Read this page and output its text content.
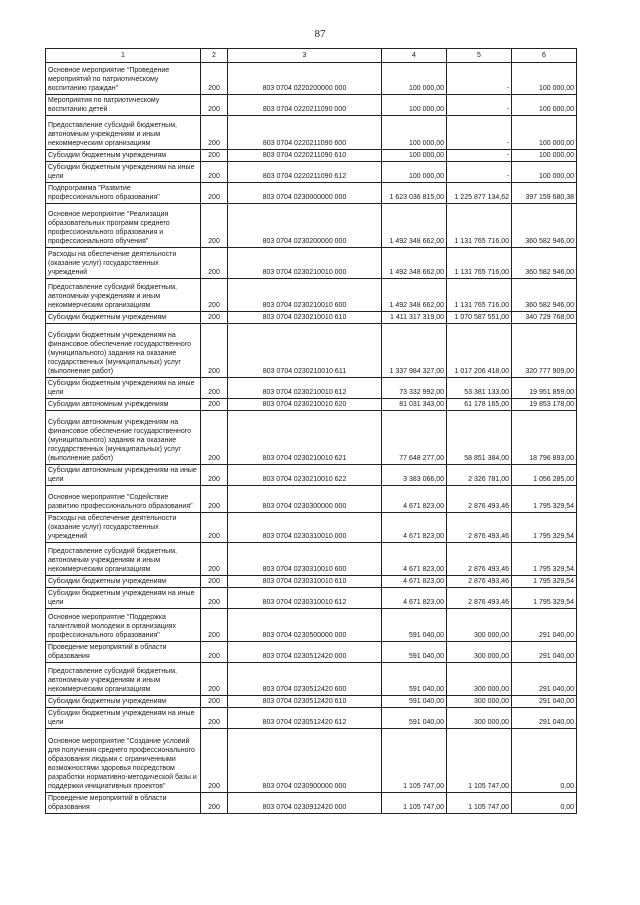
87
1	2	3	4	5	6
Основное мероприятие "Проведение мероприятий по патриотическому воспитанию граждан"	200	803 0704 0220200000 000	100 000,00	-	100 000,00
Мероприятия по патриотическому воспитанию детей	200	803 0704 0220211090 000	100 000,00	-	100 000,00
Предоставление субсидий бюджетным, автономным учреждениям и иным некоммерческим организациям	200	803 0704 0220211090 600	100 000,00	-	100 000,00
Субсидии бюджетным учреждениям	200	803 0704 0220211090 610	100 000,00	-	100 000,00
Субсидии бюджетным учреждениям на иные цели	200	803 0704 0220211090 612	100 000,00	-	100 000,00
Подпрограмма "Развитие профессионального образования"	200	803 0704 0230000000 000	1 623 036 815,00	1 225 877 134,62	397 159 680,38
Основное мероприятие "Реализация образовательных программ среднего профессионального образования и профессионального обучения"	200	803 0704 0230200000 000	1 492 348 662,00	1 131 765 716,00	360 582 946,00
Расходы на обеспечение деятельности (оказание услуг) государственных учреждений	200	803 0704 0230210010 000	1 492 348 662,00	1 131 765 716,00	360 582 946,00
Предоставление субсидий бюджетным, автономным учреждениям и иным некоммерческим организациям	200	803 0704 0230210010 600	1 492 348 662,00	1 131 765 716,00	360 582 946,00
Субсидии бюджетным учреждениям	200	803 0704 0230210010 610	1 411 317 319,00	1 070 587 551,00	340 729 768,00
Субсидии бюджетным учреждениям на финансовое обеспечение государственного (муниципального) задания на оказание государственных (муниципальных) услуг (выполнение работ)	200	803 0704 0230210010 611	1 337 984 327,00	1 017 206 418,00	320 777 909,00
Субсидии бюджетным учреждениям на иные цели	200	803 0704 0230210010 612	73 332 992,00	53 381 133,00	19 951 859,00
Субсидии автономным учреждениям	200	803 0704 0230210010 620	81 031 343,00	61 178 165,00	19 853 178,00
Субсидии автономным учреждениям на финансовое обеспечение государственного (муниципального) задания на оказание государственных (муниципальных) услуг (выполнение работ)	200	803 0704 0230210010 621	77 648 277,00	58 851 384,00	18 796 893,00
Субсидии автономным учреждениям на иные цели	200	803 0704 0230210010 622	3 383 066,00	2 326 781,00	1 056 285,00
Основное мероприятие "Содействие развитию профессионального образования"	200	803 0704 0230300000 000	4 671 823,00	2 876 493,46	1 795 329,54
Расходы на обеспечение деятельности (оказание услуг) государственных учреждений	200	803 0704 0230310010 000	4 671 823,00	2 876 493,46	1 795 329,54
Предоставление субсидий бюджетным, автономным учреждениям и иным некоммерческим организациям	200	803 0704 0230310010 600	4 671 823,00	2 876 493,46	1 795 329,54
Субсидии бюджетным учреждениям	200	803 0704 0230310010 610	4 671 823,00	2 876 493,46	1 795 329,54
Субсидии бюджетным учреждениям на иные цели	200	803 0704 0230310010 612	4 671 823,00	2 876 493,46	1 795 329,54
Основное мероприятие "Поддержка талантливой молодежи в организациях профессионального образования"	200	803 0704 0230500000 000	591 040,00	300 000,00	291 040,00
Проведение мероприятий в области образования	200	803 0704 0230512420 000	591 040,00	300 000,00	291 040,00
Предоставление субсидий бюджетным, автономным учреждениям и иным некоммерческим организациям	200	803 0704 0230512420 600	591 040,00	300 000,00	291 040,00
Субсидии бюджетным учреждениям	200	803 0704 0230512420 610	591 040,00	300 000,00	291 040,00
Субсидии бюджетным учреждениям на иные цели	200	803 0704 0230512420 612	591 040,00	300 000,00	291 040,00
Основное мероприятие "Создание условий для получения среднего профессионального образования людьми с ограниченными возможностями здоровья посредством разработки нормативно-методической базы и поддержки инициативных проектов"	200	803 0704 0230900000 000	1 105 747,00	1 105 747,00	0,00
Проведение мероприятий в области образования	200	803 0704 0230912420 000	1 105 747,00	1 105 747,00	0,00
